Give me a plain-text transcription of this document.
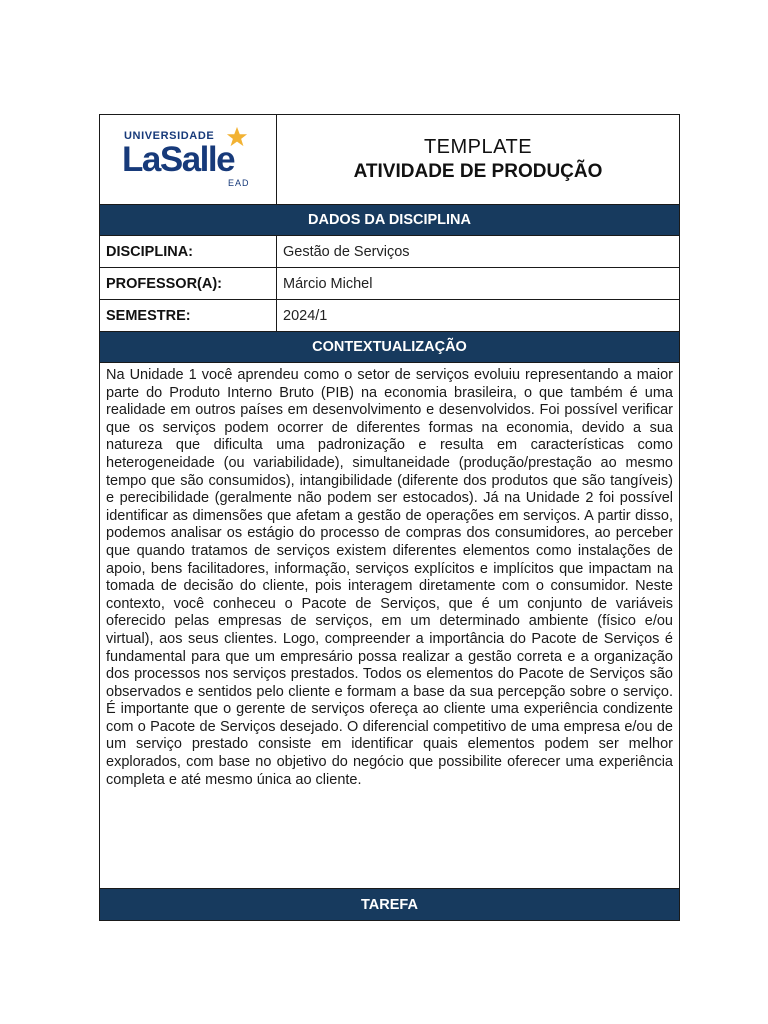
UNIVERSIDADE
LaSalle
EAD
TEMPLATE
ATIVIDADE DE PRODUÇÃO
DADOS DA DISCIPLINA
DISCIPLINA:	Gestão de Serviços
PROFESSOR(A):	Márcio Michel
SEMESTRE:	2024/1
CONTEXTUALIZAÇÃO
Na Unidade 1 você aprendeu como o setor de serviços evoluiu representando a maior parte do Produto Interno Bruto (PIB) na economia brasileira, o que também é uma realidade em outros países em desenvolvimento e desenvolvidos. Foi possível verificar que os serviços podem ocorrer de diferentes formas na economia, devido a sua natureza que dificulta uma padronização e resulta em características como heterogeneidade (ou variabilidade), simultaneidade (produção/prestação ao mesmo tempo que são consumidos), intangibilidade (diferente dos produtos que são tangíveis) e perecibilidade (geralmente não podem ser estocados). Já na Unidade 2 foi possível identificar as dimensões que afetam a gestão de operações em serviços. A partir disso, podemos analisar os estágio do processo de compras dos consumidores, ao perceber que quando tratamos de serviços existem diferentes elementos como instalações de apoio, bens facilitadores, informação, serviços explícitos e implícitos que impactam na tomada de decisão do cliente, pois interagem diretamente com o consumidor. Neste contexto, você conheceu o Pacote de Serviços, que é um conjunto de variáveis oferecido pelas empresas de serviços, em um determinado ambiente (físico e/ou virtual), aos seus clientes. Logo, compreender a importância do Pacote de Serviços é fundamental para que um empresário possa realizar a gestão correta e a organização dos processos nos serviços prestados. Todos os elementos do Pacote de Serviços são observados e sentidos pelo cliente e formam a base da sua percepção sobre o serviço. É importante que o gerente de serviços ofereça ao cliente uma experiência condizente com o Pacote de Serviços desejado. O diferencial competitivo de uma empresa e/ou de um serviço prestado consiste em identificar quais elementos podem ser melhor explorados, com base no objetivo do negócio que possibilite oferecer uma experiência completa e até mesmo única ao cliente.
TAREFA
